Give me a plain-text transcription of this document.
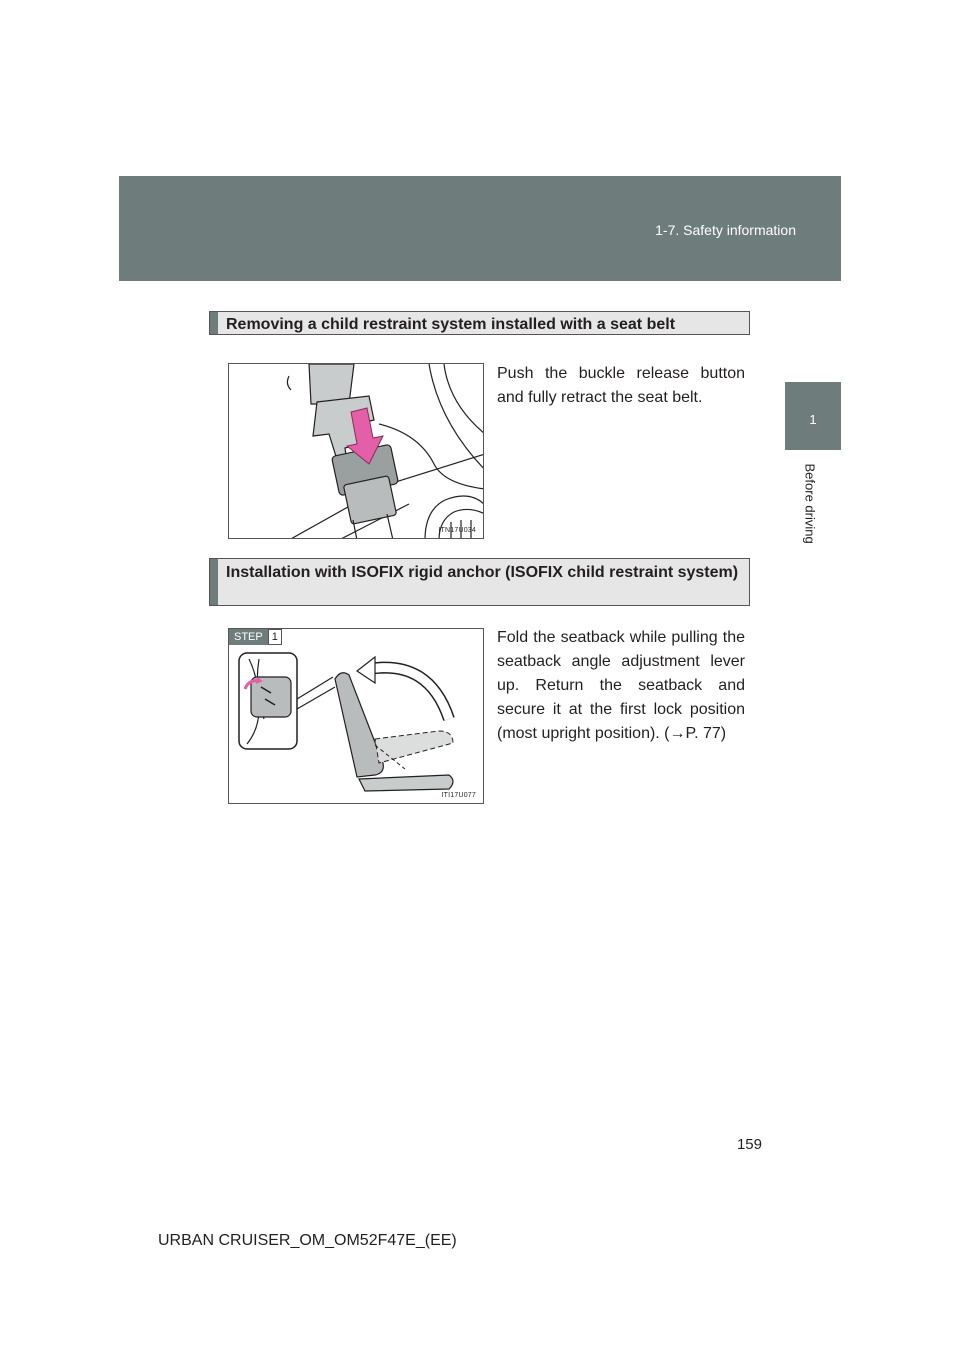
1-7. Safety information
1
Before driving
Removing a child restraint system installed with a seat belt
ITN17U034
Push the buckle release button and fully retract the seat belt.
Installation with ISOFIX rigid anchor (ISOFIX child restraint system)
STEP 1
ITI17U077
Fold the seatback while pulling the seatback angle adjustment lever up. Return the seatback and secure it at the first lock position (most upright position). (→P. 77)
159
URBAN CRUISER_OM_OM52F47E_(EE)
